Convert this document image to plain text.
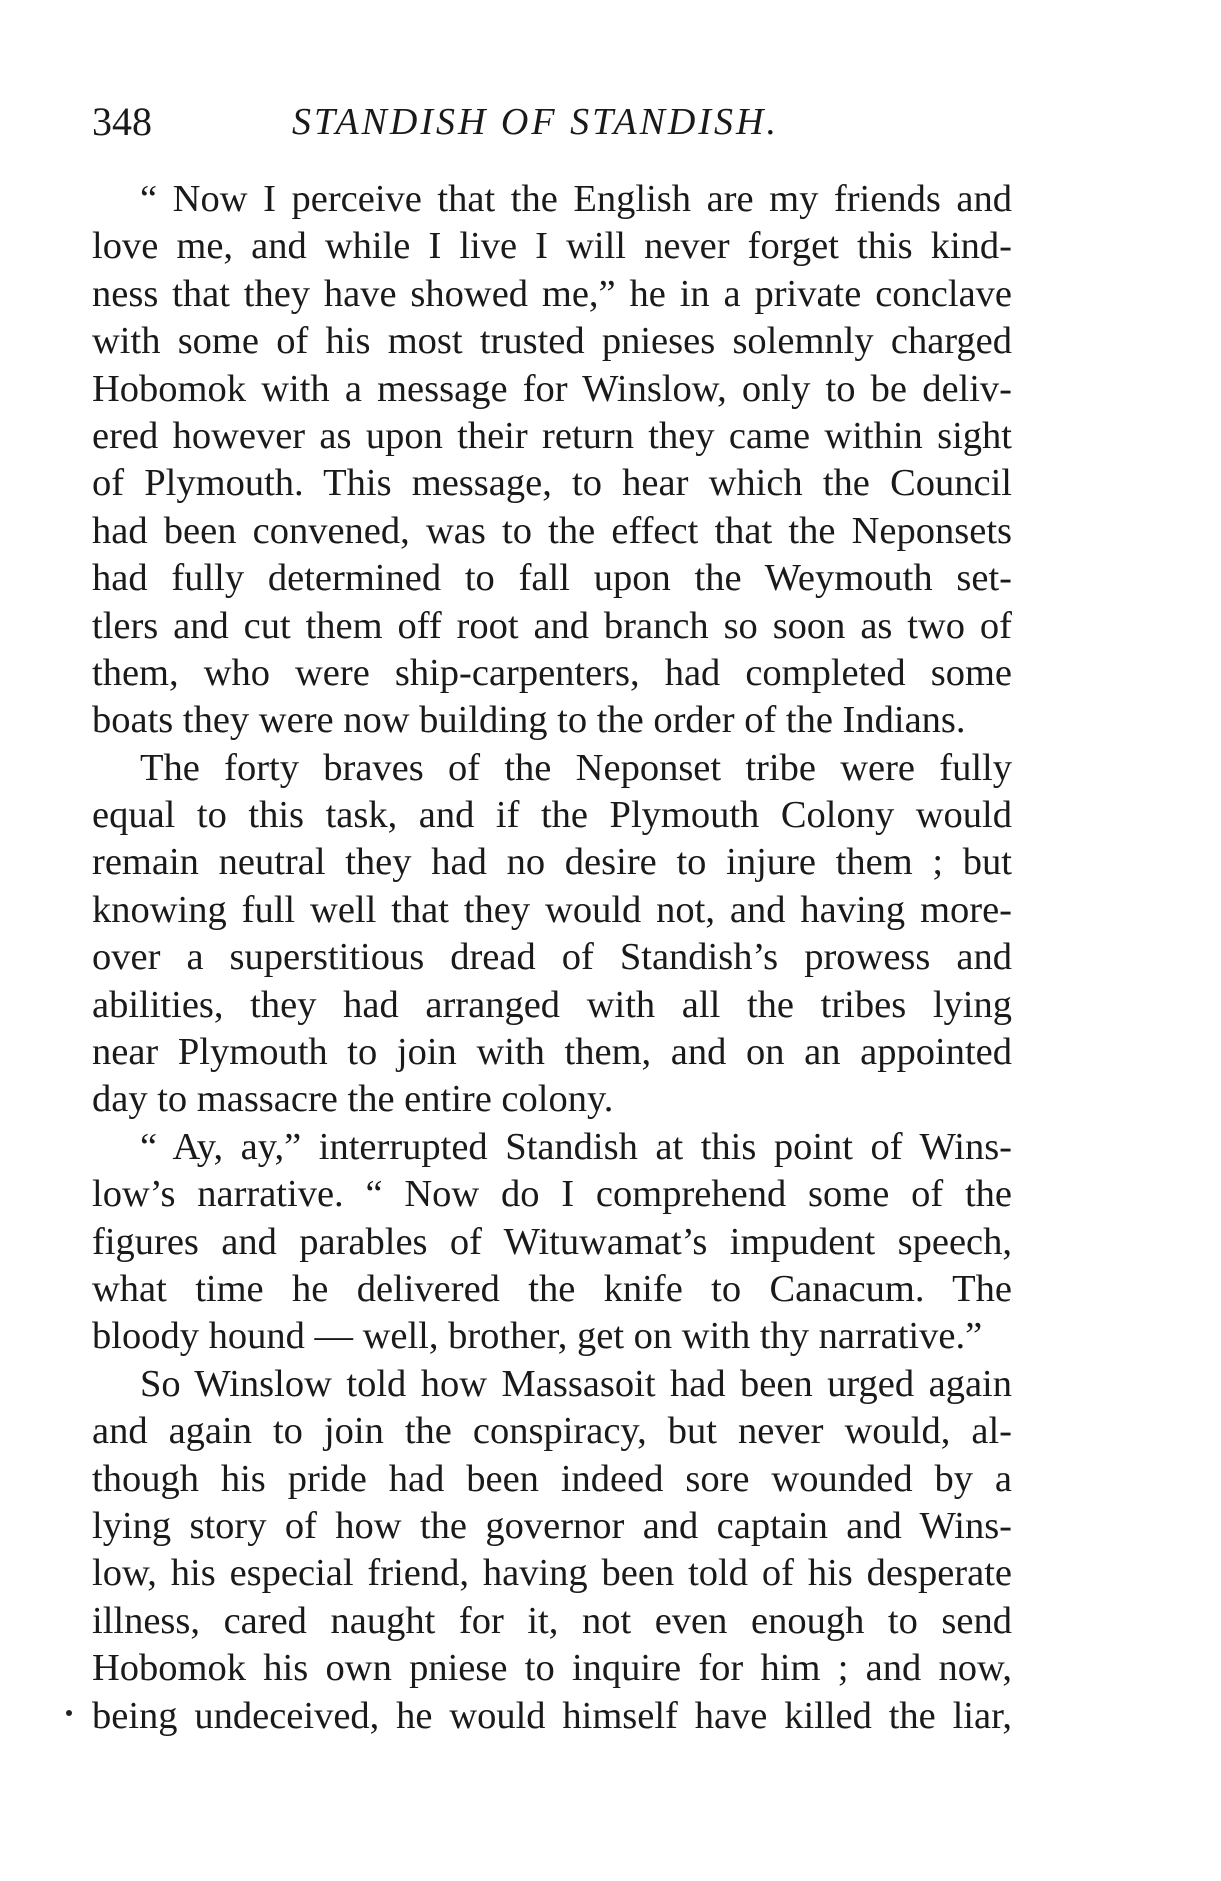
348	STANDISH OF STANDISH.
“ Now I perceive that the English are my friends and
love me, and while I live I will never forget this kind-
ness that they have showed me,” he in a private conclave
with some of his most trusted pnieses solemnly charged
Hobomok with a message for Winslow, only to be deliv-
ered however as upon their return they came within sight
of Plymouth. This message, to hear which the Council
had been convened, was to the effect that the Neponsets
had fully determined to fall upon the Weymouth set-
tlers and cut them off root and branch so soon as two of
them, who were ship-carpenters, had completed some
boats they were now building to the order of the Indians.
The forty braves of the Neponset tribe were fully
equal to this task, and if the Plymouth Colony would
remain neutral they had no desire to injure them ; but
knowing full well that they would not, and having more-
over a superstitious dread of Standish’s prowess and
abilities, they had arranged with all the tribes lying
near Plymouth to join with them, and on an appointed
day to massacre the entire colony.
“ Ay, ay,” interrupted Standish at this point of Wins-
low’s narrative. “ Now do I comprehend some of the
figures and parables of Wituwamat’s impudent speech,
what time he delivered the knife to Canacum. The
bloody hound — well, brother, get on with thy narrative.”
So Winslow told how Massasoit had been urged again
and again to join the conspiracy, but never would, al-
though his pride had been indeed sore wounded by a
lying story of how the governor and captain and Wins-
low, his especial friend, having been told of his desperate
illness, cared naught for it, not even enough to send
Hobomok his own pniese to inquire for him ; and now,
being undeceived, he would himself have killed the liar,
